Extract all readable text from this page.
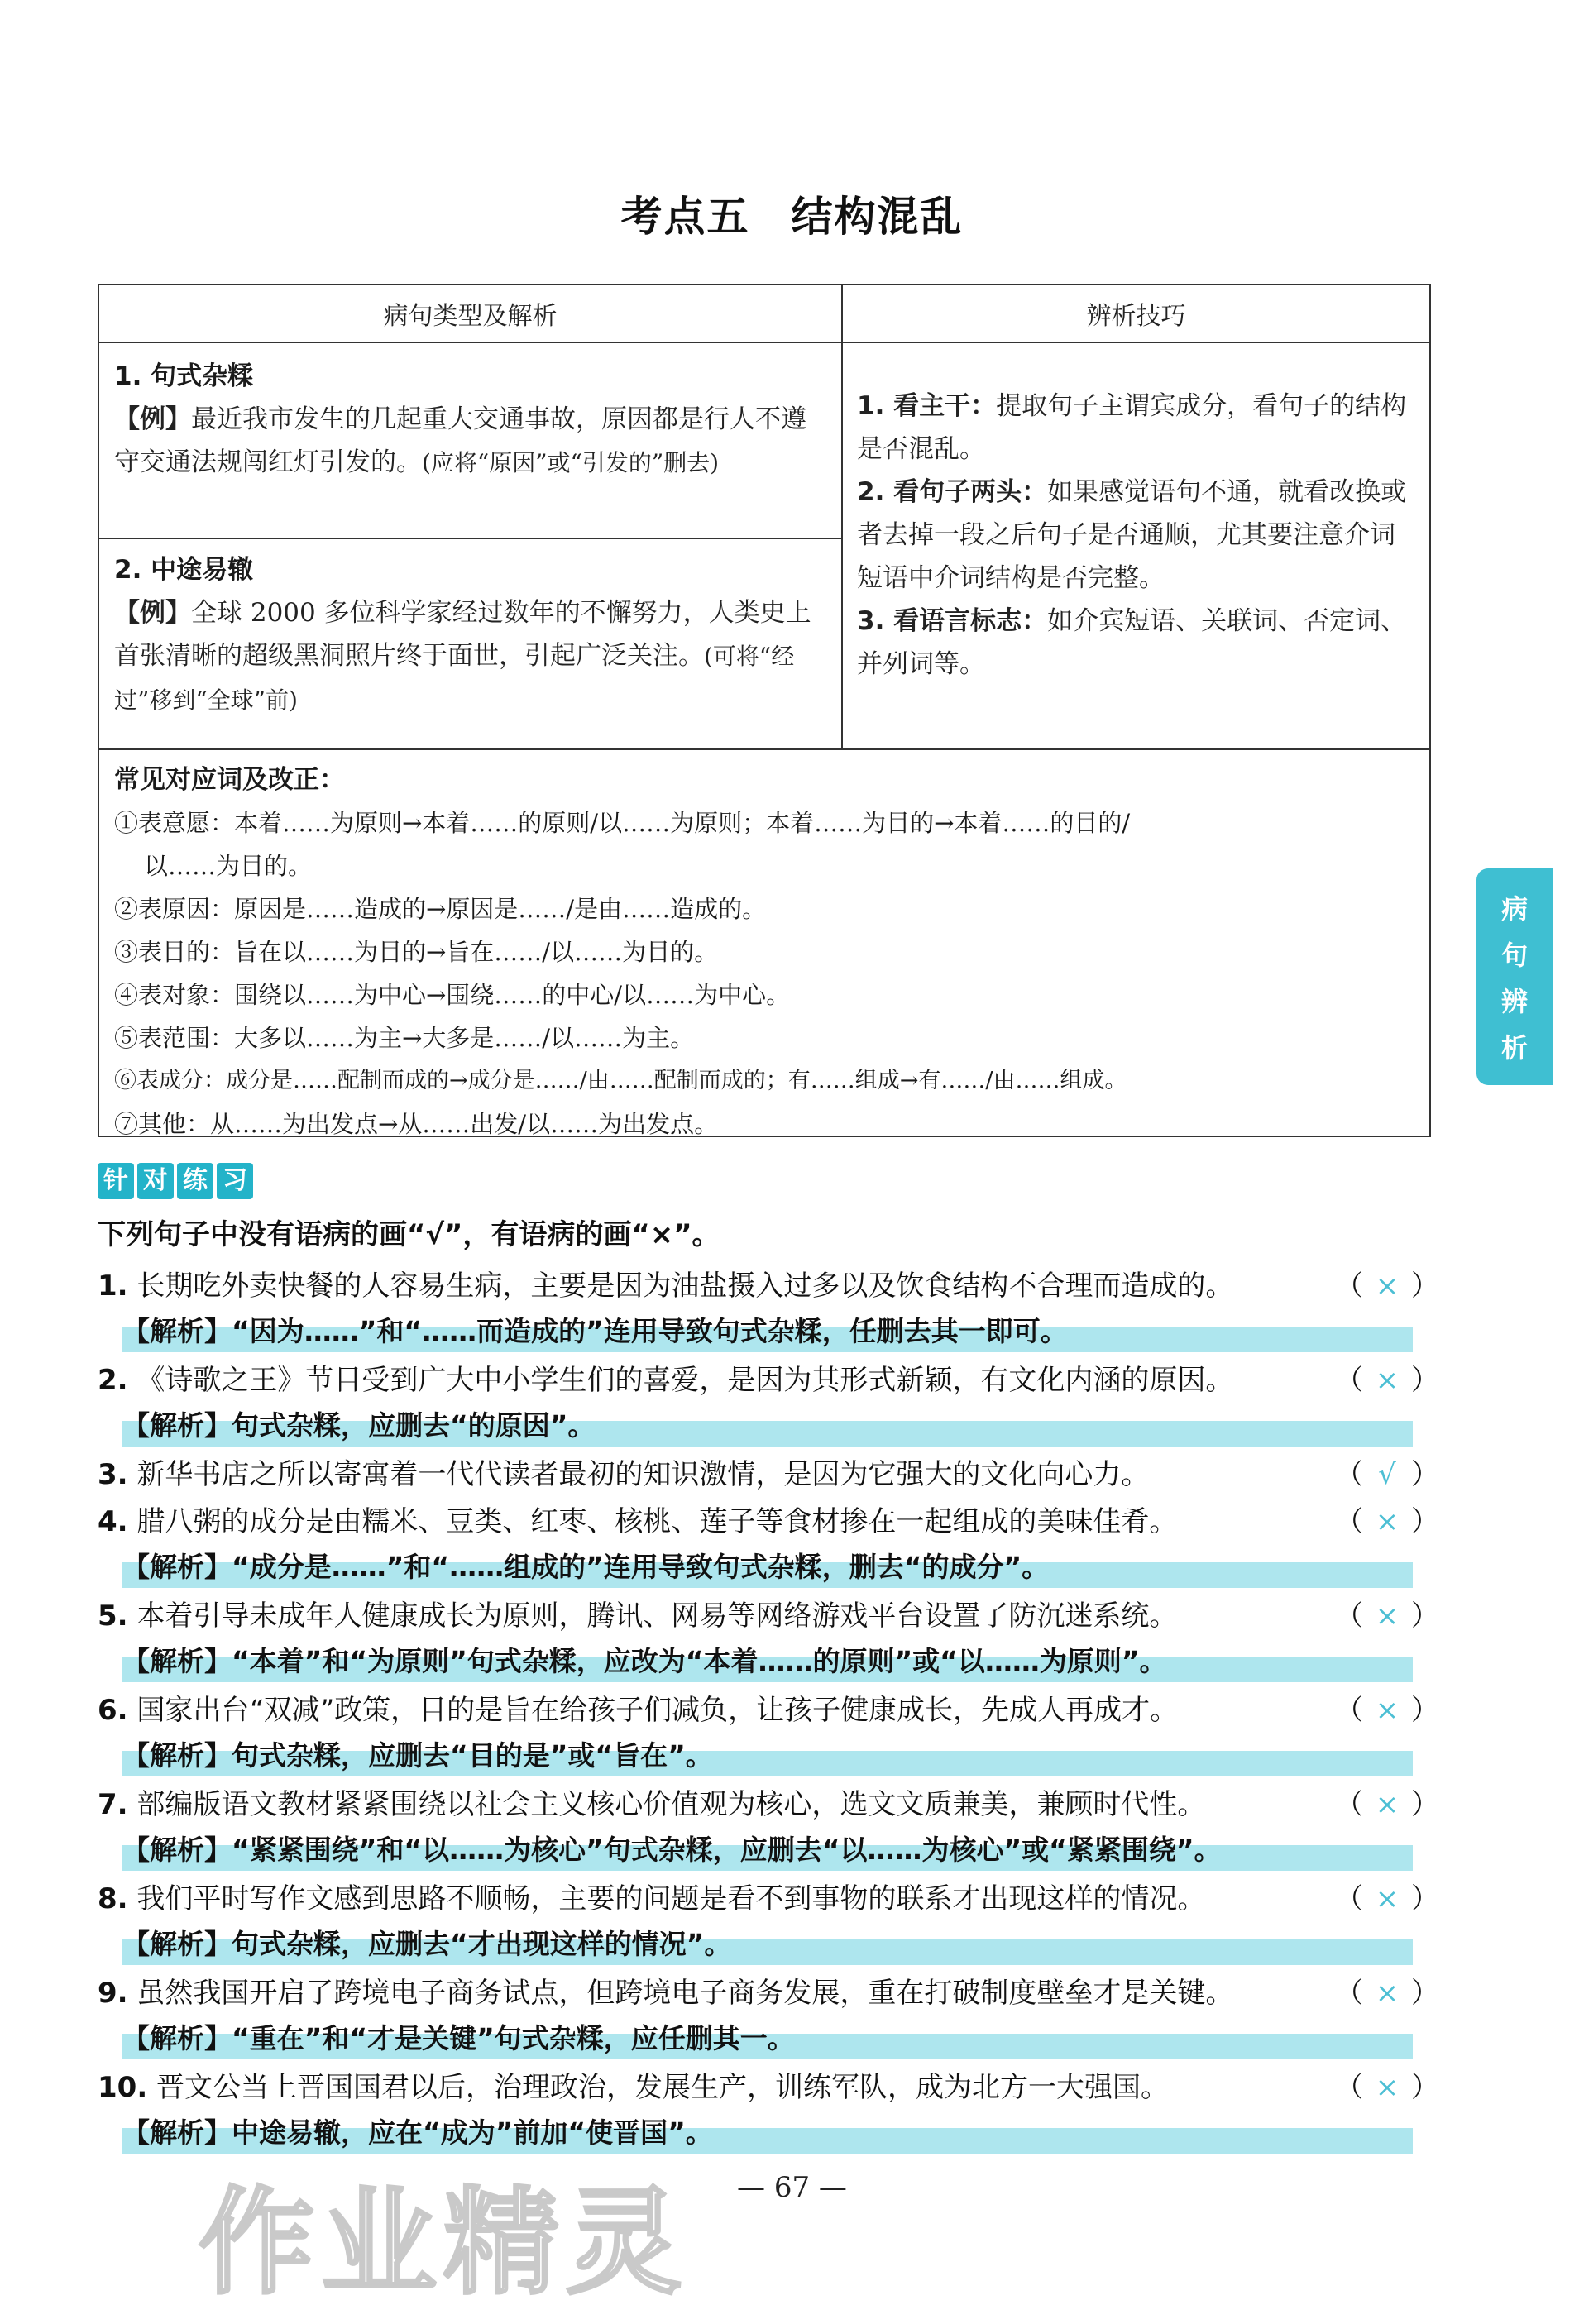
考点五 结构混乱
病句类型及解析	辨析技巧
1. 句式杂糅
【例】最近我市发生的几起重大交通事故，原因都是行人不遵守交通法规闯红灯引发的。(应将“原因”或“引发的”删去)
2. 中途易辙
【例】全球 2000 多位科学家经过数年的不懈努力，人类史上首张清晰的超级黑洞照片终于面世，引起广泛关注。(可将“经过”移到“全球”前)
1. 看主干：提取句子主谓宾成分，看句子的结构是否混乱。
2. 看句子两头：如果感觉语句不通，就看改换或者去掉一段之后句子是否通顺，尤其要注意介词短语中介词结构是否完整。
3. 看语言标志：如介宾短语、关联词、否定词、并列词等。
常见对应词及改正：
①表意愿：本着……为原则→本着……的原则/以……为原则；本着……为目的→本着……的目的/
以……为目的。
②表原因：原因是……造成的→原因是……/是由……造成的。
③表目的：旨在以……为目的→旨在……/以……为目的。
④表对象：围绕以……为中心→围绕……的中心/以……为中心。
⑤表范围：大多以……为主→大多是……/以……为主。
⑥表成分：成分是……配制而成的→成分是……/由……配制而成的；有……组成→有……/由……组成。
⑦其他：从……为出发点→从……出发/以……为出发点。
针 对 练 习
下列句子中没有语病的画“√”，有语病的画“×”。
1. 长期吃外卖快餐的人容易生病，主要是因为油盐摄入过多以及饮食结构不合理而造成的。	（ × ）
【解析】“因为……”和“……而造成的”连用导致句式杂糅，任删去其一即可。
2. 《诗歌之王》节目受到广大中小学生们的喜爱，是因为其形式新颖，有文化内涵的原因。	（ × ）
【解析】句式杂糅，应删去“的原因”。
3. 新华书店之所以寄寓着一代代读者最初的知识激情，是因为它强大的文化向心力。	（ √ ）
4. 腊八粥的成分是由糯米、豆类、红枣、核桃、莲子等食材掺在一起组成的美味佳肴。	（ × ）
【解析】“成分是……”和“……组成的”连用导致句式杂糅，删去“的成分”。
5. 本着引导未成年人健康成长为原则，腾讯、网易等网络游戏平台设置了防沉迷系统。	（ × ）
【解析】“本着”和“为原则”句式杂糅，应改为“本着……的原则”或“以……为原则”。
6. 国家出台“双减”政策，目的是旨在给孩子们减负，让孩子健康成长，先成人再成才。	（ × ）
【解析】句式杂糅，应删去“目的是”或“旨在”。
7. 部编版语文教材紧紧围绕以社会主义核心价值观为核心，选文文质兼美，兼顾时代性。	（ × ）
【解析】“紧紧围绕”和“以……为核心”句式杂糅，应删去“以……为核心”或“紧紧围绕”。
8. 我们平时写作文感到思路不顺畅，主要的问题是看不到事物的联系才出现这样的情况。	（ × ）
【解析】句式杂糅，应删去“才出现这样的情况”。
9. 虽然我国开启了跨境电子商务试点，但跨境电子商务发展，重在打破制度壁垒才是关键。	（ × ）
【解析】“重在”和“才是关键”句式杂糅，应任删其一。
10. 晋文公当上晋国国君以后，治理政治，发展生产，训练军队，成为北方一大强国。	（ × ）
【解析】中途易辙，应在“成为”前加“使晋国”。
病
句
辨
析
作业精灵	— 67 —
